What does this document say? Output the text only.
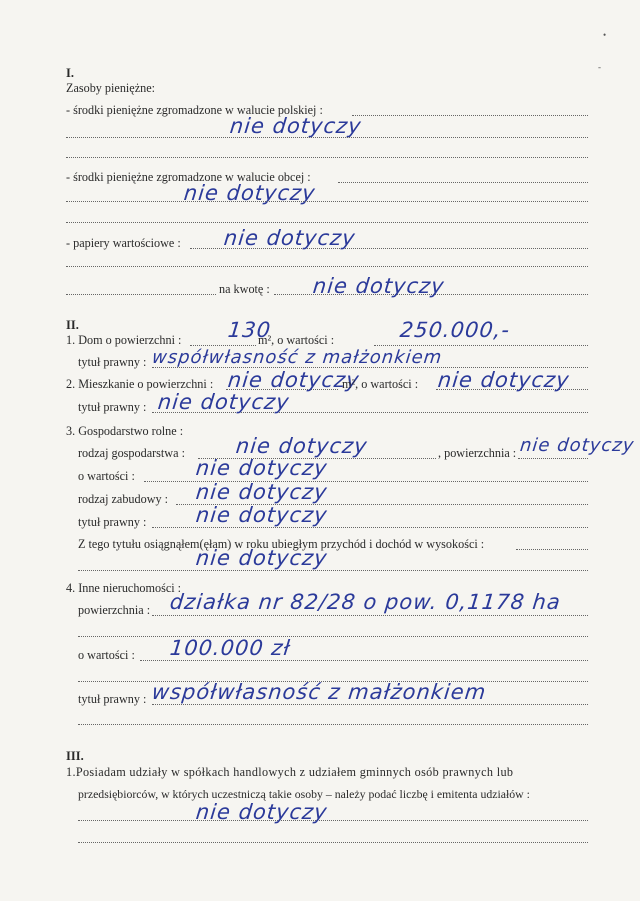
•
-
I.
Zasoby pieniężne:
- środki pieniężne zgromadzone w walucie polskiej :
nie dotyczy
- środki pieniężne zgromadzone w walucie obcej :
nie dotyczy
- papiery wartościowe : nie dotyczy
na kwotę : nie dotyczy
II.
1. Dom o powierzchni : 130
m², o wartości :	250.000,-
tytuł prawny : współwłasność z małżonkiem
2. Mieszkanie o powierzchni : nie dotyczy
m², o wartości : nie dotyczy
tytuł prawny : nie dotyczy
3. Gospodarstwo rolne :
rodzaj gospodarstwa : nie dotyczy	, powierzchnia : nie dotyczy
o wartości :	nie dotyczy
rodzaj zabudowy : nie dotyczy
tytuł prawny : nie dotyczy
Z tego tytułu osiągnąłem(ęłam) w roku ubiegłym przychód i dochód w wysokości :
nie dotyczy
4. Inne nieruchomości :
powierzchnia : działka nr 82/28 o pow. 0,1178 ha
o wartości : 100.000 zł
tytuł prawny : współwłasność z małżonkiem
III.
1.Posiadam udziały w spółkach handlowych z udziałem gminnych osób prawnych lub
przedsiębiorców, w których uczestniczą takie osoby – należy podać liczbę i emitenta udziałów :
nie dotyczy
